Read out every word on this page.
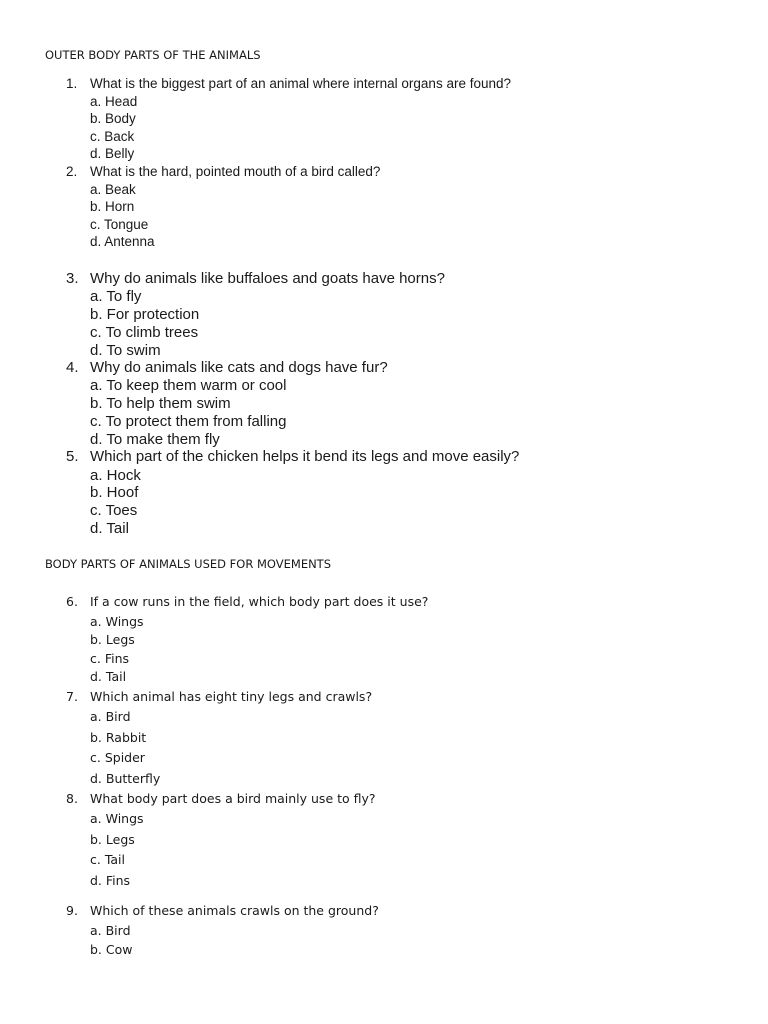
OUTER BODY PARTS OF THE ANIMALS
BODY PARTS OF ANIMALS USED FOR MOVEMENTS
1. What is the biggest part of an animal where internal organs are found?
a. Head
b. Body
c. Back
d. Belly
2. What is the hard, pointed mouth of a bird called?
a. Beak
b. Horn
c. Tongue
d. Antenna
3. Why do animals like buffaloes and goats have horns?
a. To fly
b. For protection
c. To climb trees
d. To swim
4. Why do animals like cats and dogs have fur?
a. To keep them warm or cool
b. To help them swim
c. To protect them from falling
d. To make them fly
5. Which part of the chicken helps it bend its legs and move easily?
a. Hock
b. Hoof
c. Toes
d. Tail
6. If a cow runs in the field, which body part does it use?
a. Wings
b. Legs
c. Fins
d. Tail
7. Which animal has eight tiny legs and crawls?
a. Bird
b. Rabbit
c. Spider
d. Butterfly
8. What body part does a bird mainly use to fly?
a. Wings
b. Legs
c. Tail
d. Fins
9. Which of these animals crawls on the ground?
a. Bird
b. Cow
